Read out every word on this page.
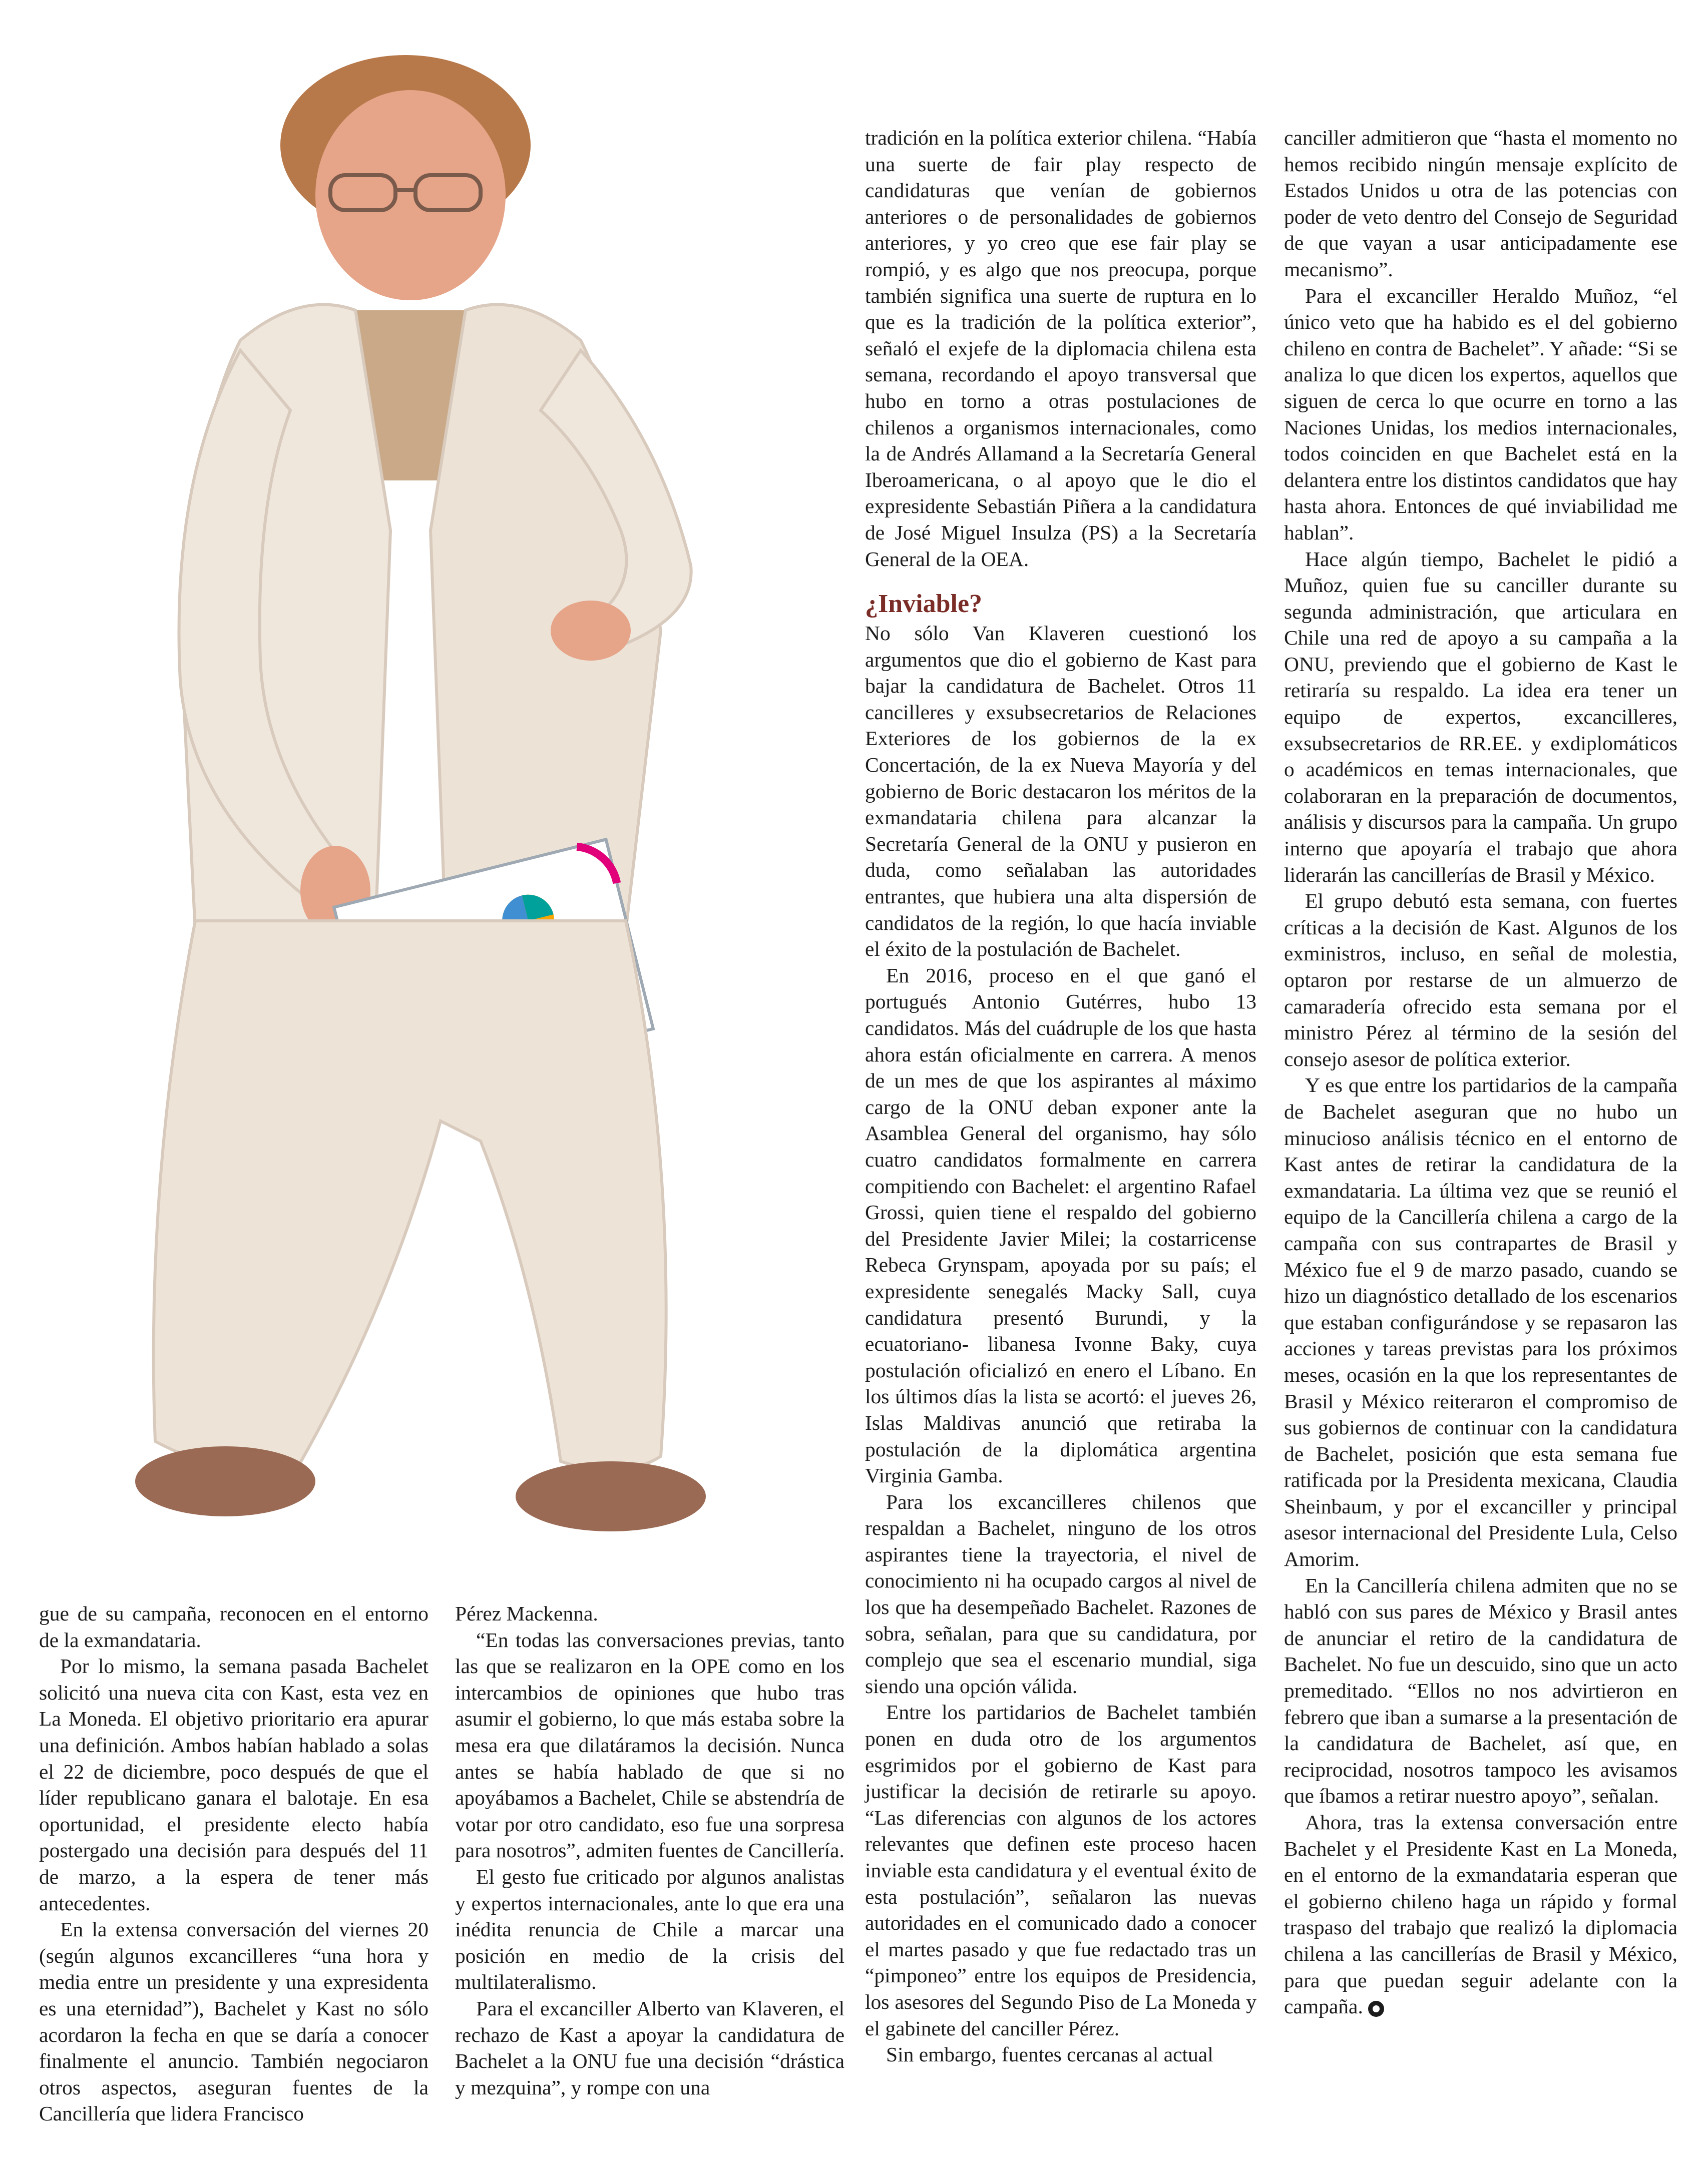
gue de su campaña, reconocen en el entorno de la exmandataria.

Por lo mismo, la semana pasada Bachelet solicitó una nueva cita con Kast, esta vez en La Moneda. El objetivo prioritario era apurar una definición. Ambos habían hablado a solas el 22 de diciembre, poco después de que el líder republicano ganara el balotaje. En esa oportunidad, el presidente electo había postergado una decisión para después del 11 de marzo, a la espera de tener más antecedentes.

En la extensa conversación del viernes 20 (según algunos excancilleres “una hora y media entre un presidente y una expresidenta es una eternidad”), Bachelet y Kast no sólo acordaron la fecha en que se daría a conocer finalmente el anuncio. También negociaron otros aspectos, aseguran fuentes de la Cancillería que lidera Francisco

Pérez Mackenna.

“En todas las conversaciones previas, tanto las que se realizaron en la OPE como en los intercambios de opiniones que hubo tras asumir el gobierno, lo que más estaba sobre la mesa era que dilatáramos la decisión. Nunca antes se había hablado de que si no apoyábamos a Bachelet, Chile se abstendría de votar por otro candidato, eso fue una sorpresa para nosotros”, admiten fuentes de Cancillería.

El gesto fue criticado por algunos analistas y expertos internacionales, ante lo que era una inédita renuncia de Chile a marcar una posición en medio de la crisis del multilateralismo.

Para el excanciller Alberto van Klaveren, el rechazo de Kast a apoyar la candidatura de Bachelet a la ONU fue una decisión “drástica y mezquina”, y rompe con una

tradición en la política exterior chilena. “Había una suerte de fair play respecto de candidaturas que venían de gobiernos anteriores o de personalidades de gobiernos anteriores, y yo creo que ese fair play se rompió, y es algo que nos preocupa, porque también significa una suerte de ruptura en lo que es la tradición de la política exterior”, señaló el exjefe de la diplomacia chilena esta semana, recordando el apoyo transversal que hubo en torno a otras postulaciones de chilenos a organismos internacionales, como la de Andrés Allamand a la Secretaría General Iberoamericana, o al apoyo que le dio el expresidente Sebastián Piñera a la candidatura de José Miguel Insulza (PS) a la Secretaría General de la OEA.

¿Inviable?

No sólo Van Klaveren cuestionó los argumentos que dio el gobierno de Kast para bajar la candidatura de Bachelet. Otros 11 cancilleres y exsubsecretarios de Relaciones Exteriores de los gobiernos de la ex Concertación, de la ex Nueva Mayoría y del gobierno de Boric destacaron los méritos de la exmandataria chilena para alcanzar la Secretaría General de la ONU y pusieron en duda, como señalaban las autoridades entrantes, que hubiera una alta dispersión de candidatos de la región, lo que hacía inviable el éxito de la postulación de Bachelet.

En 2016, proceso en el que ganó el portugués Antonio Gutérres, hubo 13 candidatos. Más del cuádruple de los que hasta ahora están oficialmente en carrera. A menos de un mes de que los aspirantes al máximo cargo de la ONU deban exponer ante la Asamblea General del organismo, hay sólo cuatro candidatos formalmente en carrera compitiendo con Bachelet: el argentino Rafael Grossi, quien tiene el respaldo del gobierno del Presidente Javier Milei; la costarricense Rebeca Grynspam, apoyada por su país; el expresidente senegalés Macky Sall, cuya candidatura presentó Burundi, y la ecuatoriano- libanesa Ivonne Baky, cuya postulación oficializó en enero el Líbano. En los últimos días la lista se acortó: el jueves 26, Islas Maldivas anunció que retiraba la postulación de la diplomática argentina Virginia Gamba.

Para los excancilleres chilenos que respaldan a Bachelet, ninguno de los otros aspirantes tiene la trayectoria, el nivel de conocimiento ni ha ocupado cargos al nivel de los que ha desempeñado Bachelet. Razones de sobra, señalan, para que su candidatura, por complejo que sea el escenario mundial, siga siendo una opción válida.

Entre los partidarios de Bachelet también ponen en duda otro de los argumentos esgrimidos por el gobierno de Kast para justificar la decisión de retirarle su apoyo. “Las diferencias con algunos de los actores relevantes que definen este proceso hacen inviable esta candidatura y el eventual éxito de esta postulación”, señalaron las nuevas autoridades en el comunicado dado a conocer el martes pasado y que fue redactado tras un “pimponeo” entre los equipos de Presidencia, los asesores del Segundo Piso de La Moneda y el gabinete del canciller Pérez.

Sin embargo, fuentes cercanas al actual

canciller admitieron que “hasta el momento no hemos recibido ningún mensaje explícito de Estados Unidos u otra de las potencias con poder de veto dentro del Consejo de Seguridad de que vayan a usar anticipadamente ese mecanismo”.

Para el excanciller Heraldo Muñoz, “el único veto que ha habido es el del gobierno chileno en contra de Bachelet”. Y añade: “Si se analiza lo que dicen los expertos, aquellos que siguen de cerca lo que ocurre en torno a las Naciones Unidas, los medios internacionales, todos coinciden en que Bachelet está en la delantera entre los distintos candidatos que hay hasta ahora. Entonces de qué inviabilidad me hablan”.

Hace algún tiempo, Bachelet le pidió a Muñoz, quien fue su canciller durante su segunda administración, que articulara en Chile una red de apoyo a su campaña a la ONU, previendo que el gobierno de Kast le retiraría su respaldo. La idea era tener un equipo de expertos, excancilleres, exsubsecretarios de RR.EE. y exdiplomáticos o académicos en temas internacionales, que colaboraran en la preparación de documentos, análisis y discursos para la campaña. Un grupo interno que apoyaría el trabajo que ahora liderarán las cancillerías de Brasil y México.

El grupo debutó esta semana, con fuertes críticas a la decisión de Kast. Algunos de los exministros, incluso, en señal de molestia, optaron por restarse de un almuerzo de camaradería ofrecido esta semana por el ministro Pérez al término de la sesión del consejo asesor de política exterior.

Y es que entre los partidarios de la campaña de Bachelet aseguran que no hubo un minucioso análisis técnico en el entorno de Kast antes de retirar la candidatura de la exmandataria. La última vez que se reunió el equipo de la Cancillería chilena a cargo de la campaña con sus contrapartes de Brasil y México fue el 9 de marzo pasado, cuando se hizo un diagnóstico detallado de los escenarios que estaban configurándose y se repasaron las acciones y tareas previstas para los próximos meses, ocasión en la que los representantes de Brasil y México reiteraron el compromiso de sus gobiernos de continuar con la candidatura de Bachelet, posición que esta semana fue ratificada por la Presidenta mexicana, Claudia Sheinbaum, y por el excanciller y principal asesor internacional del Presidente Lula, Celso Amorim.

En la Cancillería chilena admiten que no se habló con sus pares de México y Brasil antes de anunciar el retiro de la candidatura de Bachelet. No fue un descuido, sino que un acto premeditado. “Ellos no nos advirtieron en febrero que iban a sumarse a la presentación de la candidatura de Bachelet, así que, en reciprocidad, nosotros tampoco les avisamos que íbamos a retirar nuestro apoyo”, señalan.

Ahora, tras la extensa conversación entre Bachelet y el Presidente Kast en La Moneda, en el entorno de la exmandataria esperan que el gobierno chileno haga un rápido y formal traspaso del trabajo que realizó la diplomacia chilena a las cancillerías de Brasil y México, para que puedan seguir adelante con la campaña.
